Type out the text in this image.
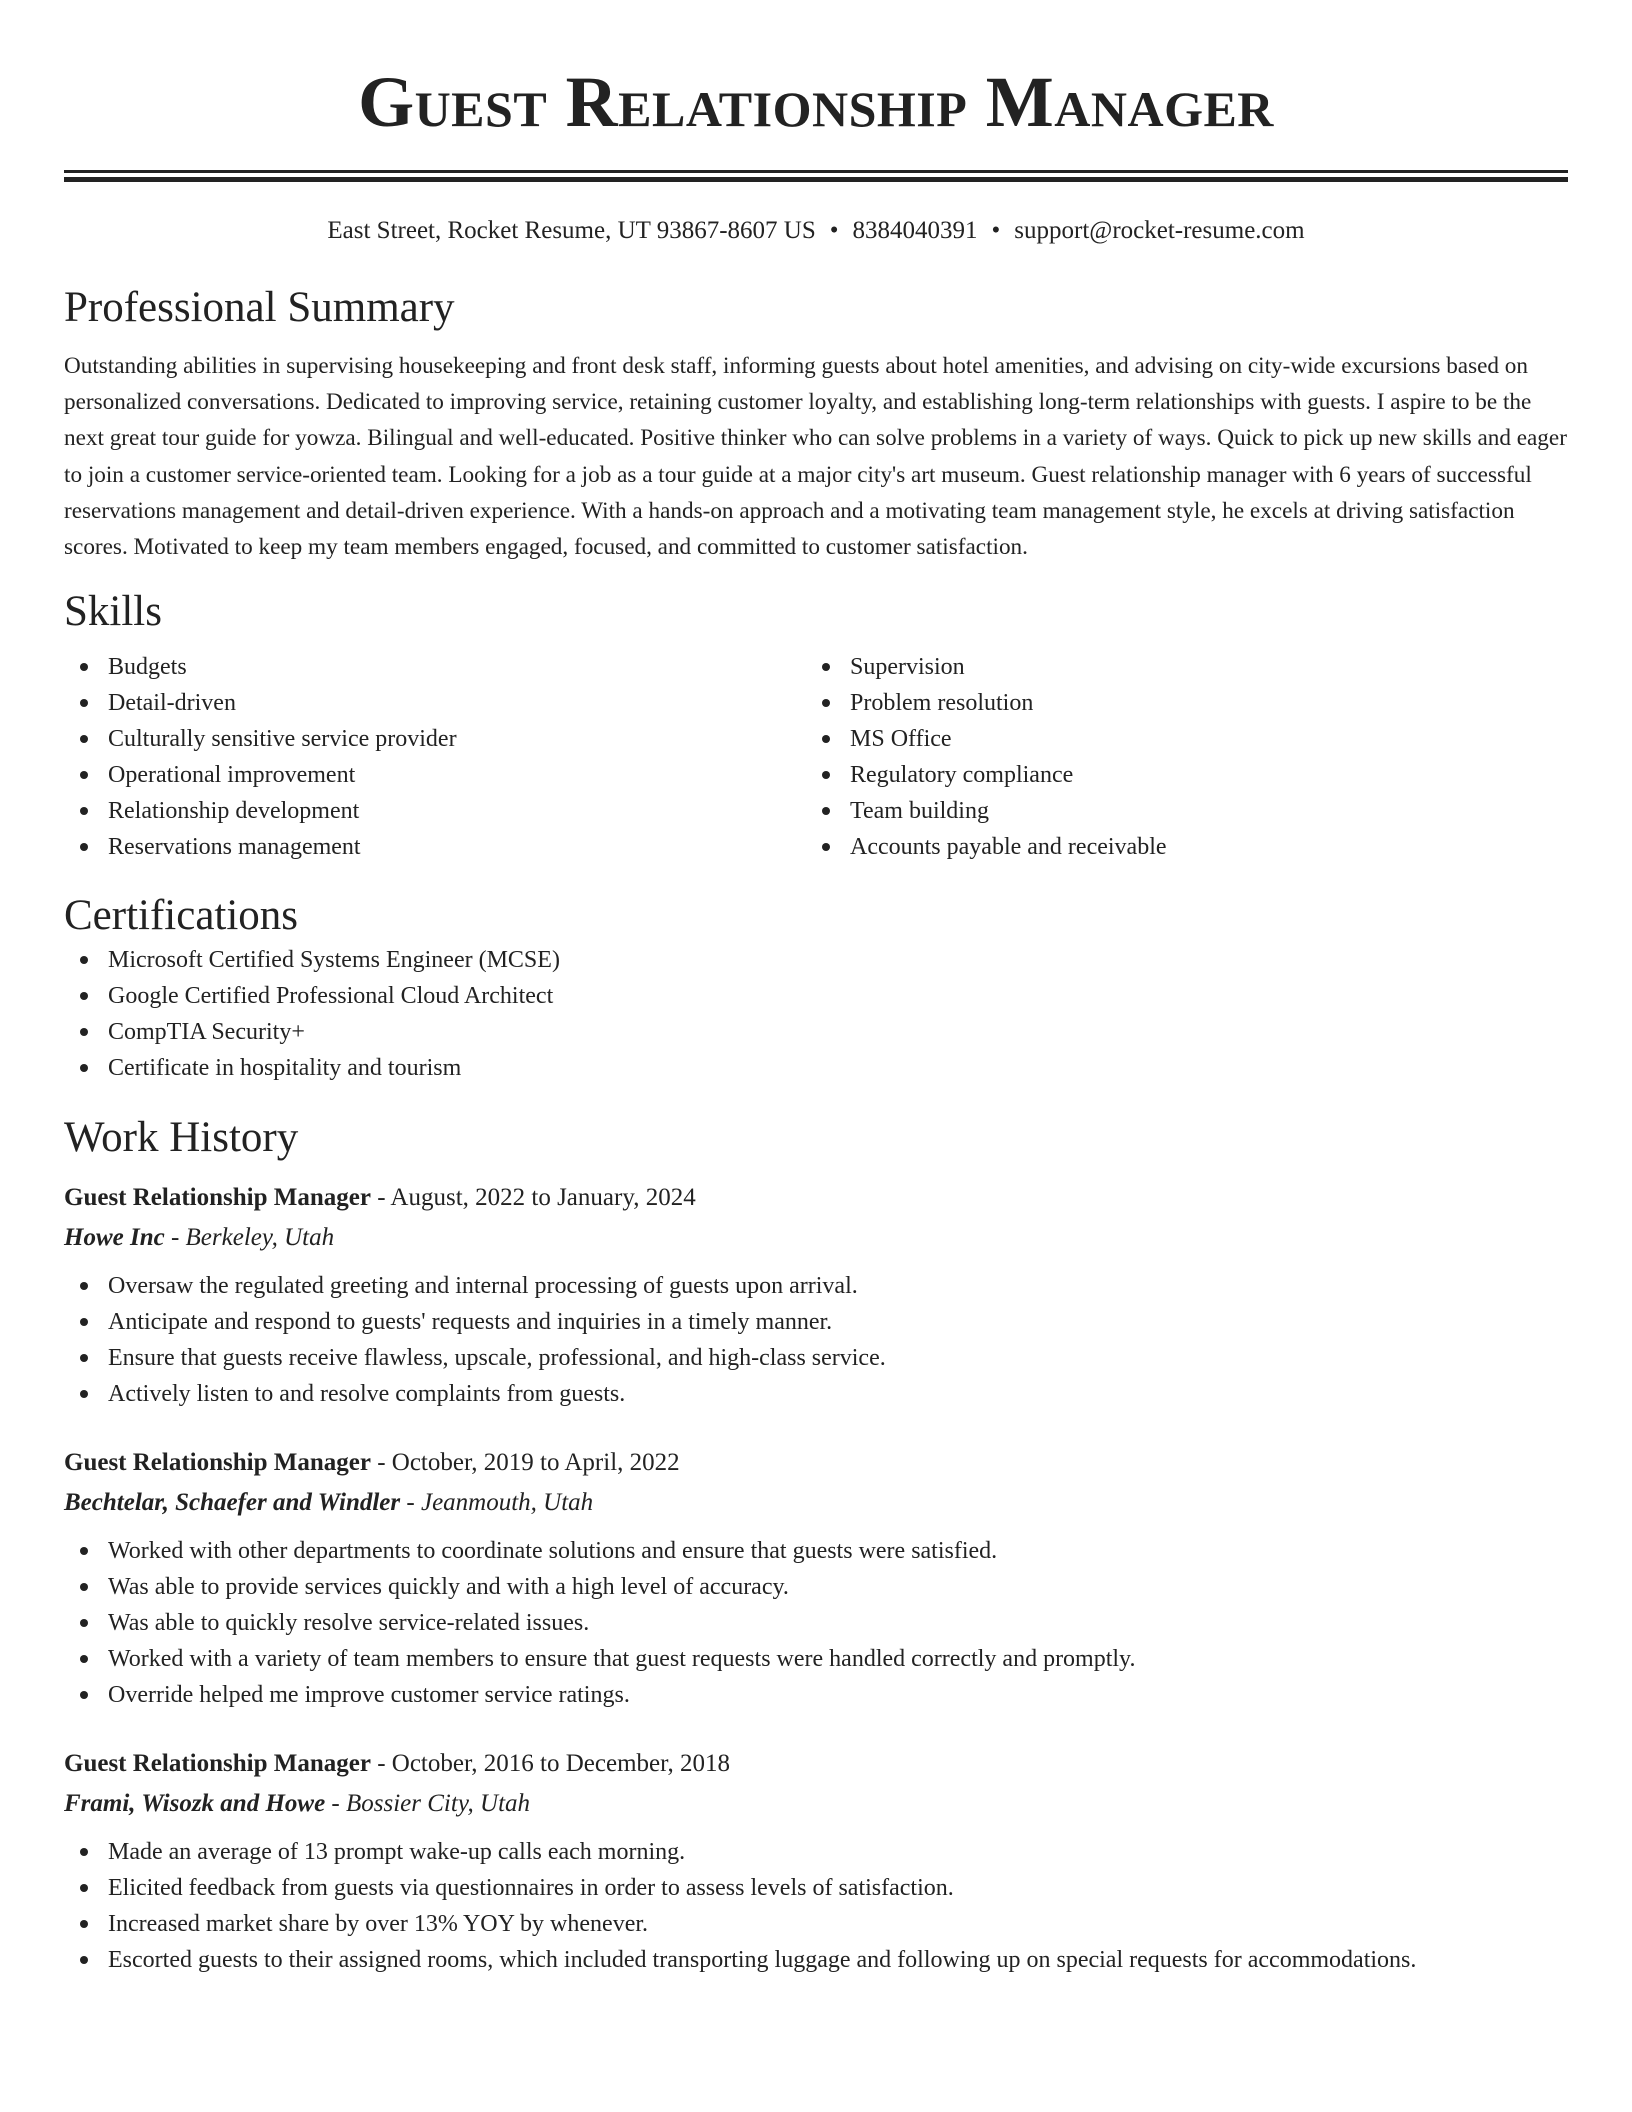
Guest Relationship Manager
East Street, Rocket Resume, UT 93867-8607 US • 8384040391 • support@rocket-resume.com
Professional Summary
Outstanding abilities in supervising housekeeping and front desk staff, informing guests about hotel amenities, and advising on city-wide excursions based on personalized conversations. Dedicated to improving service, retaining customer loyalty, and establishing long-term relationships with guests. I aspire to be the next great tour guide for yowza. Bilingual and well-educated. Positive thinker who can solve problems in a variety of ways. Quick to pick up new skills and eager to join a customer service-oriented team. Looking for a job as a tour guide at a major city's art museum. Guest relationship manager with 6 years of successful reservations management and detail-driven experience. With a hands-on approach and a motivating team management style, he excels at driving satisfaction scores. Motivated to keep my team members engaged, focused, and committed to customer satisfaction.
Skills
Budgets
Detail-driven
Culturally sensitive service provider
Operational improvement
Relationship development
Reservations management
Supervision
Problem resolution
MS Office
Regulatory compliance
Team building
Accounts payable and receivable
Certifications
Microsoft Certified Systems Engineer (MCSE)
Google Certified Professional Cloud Architect
CompTIA Security+
Certificate in hospitality and tourism
Work History
Guest Relationship Manager - August, 2022 to January, 2024
Howe Inc - Berkeley, Utah
Oversaw the regulated greeting and internal processing of guests upon arrival.
Anticipate and respond to guests' requests and inquiries in a timely manner.
Ensure that guests receive flawless, upscale, professional, and high-class service.
Actively listen to and resolve complaints from guests.
Guest Relationship Manager - October, 2019 to April, 2022
Bechtelar, Schaefer and Windler - Jeanmouth, Utah
Worked with other departments to coordinate solutions and ensure that guests were satisfied.
Was able to provide services quickly and with a high level of accuracy.
Was able to quickly resolve service-related issues.
Worked with a variety of team members to ensure that guest requests were handled correctly and promptly.
Override helped me improve customer service ratings.
Guest Relationship Manager - October, 2016 to December, 2018
Frami, Wisozk and Howe - Bossier City, Utah
Made an average of 13 prompt wake-up calls each morning.
Elicited feedback from guests via questionnaires in order to assess levels of satisfaction.
Increased market share by over 13% YOY by whenever.
Escorted guests to their assigned rooms, which included transporting luggage and following up on special requests for accommodations.
